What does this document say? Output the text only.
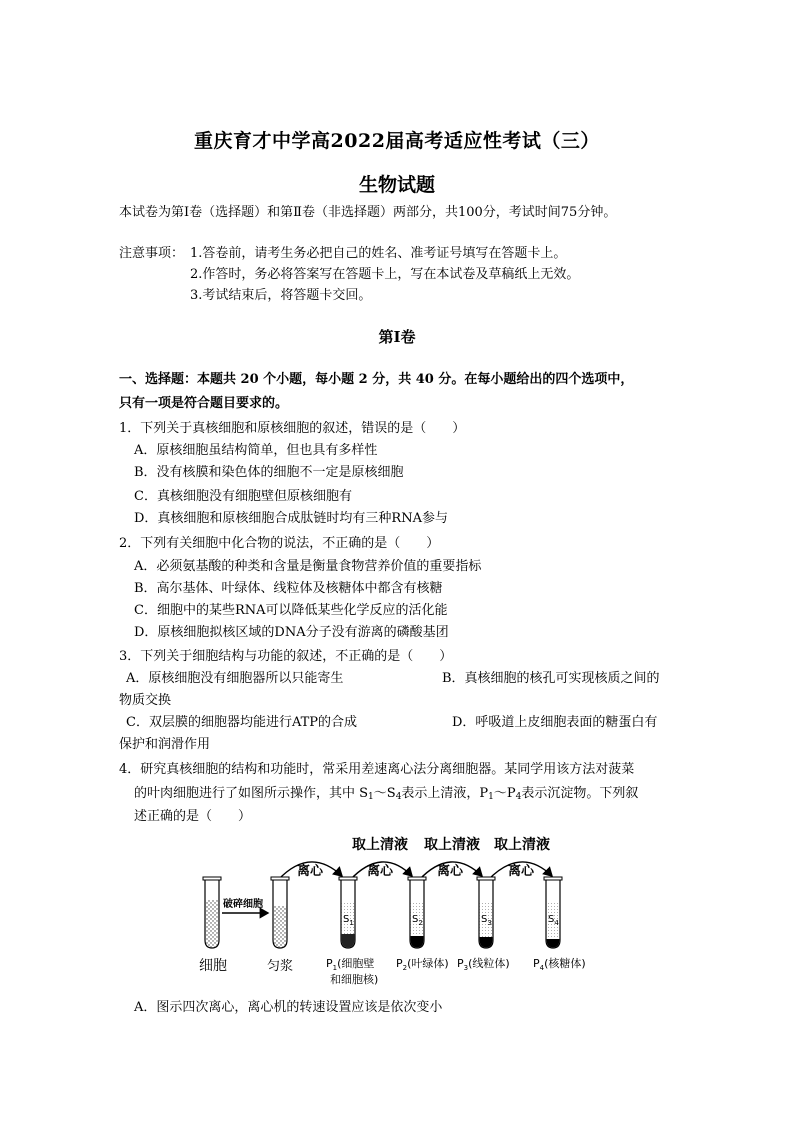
重庆育才中学高2022届高考适应性考试（三）
生物试题
本试卷为第Ⅰ卷（选择题）和第Ⅱ卷（非选择题）两部分，共100分，考试时间75分钟。
注意事项： 1.答卷前，请考生务必把自己的姓名、准考证号填写在答题卡上。
2.作答时，务必将答案写在答题卡上，写在本试卷及草稿纸上无效。
3.考试结束后，将答题卡交回。
第Ⅰ卷
一、选择题：本题共 20 个小题，每小题 2 分，共 40 分。在每小题给出的四个选项中，
只有一项是符合题目要求的。
1．下列关于真核细胞和原核细胞的叙述，错误的是（　　）
A．原核细胞虽结构简单，但也具有多样性
B．没有核膜和染色体的细胞不一定是原核细胞
C．真核细胞没有细胞壁但原核细胞有
D．真核细胞和原核细胞合成肽链时均有三种RNA参与
2．下列有关细胞中化合物的说法，不正确的是（　　）
A．必须氨基酸的种类和含量是衡量食物营养价值的重要指标
B．高尔基体、叶绿体、线粒体及核糖体中都含有核糖
C．细胞中的某些RNA可以降低某些化学反应的活化能
D．原核细胞拟核区域的DNA分子没有游离的磷酸基团
3．下列关于细胞结构与功能的叙述，不正确的是（　　）
A．原核细胞没有细胞器所以只能寄生	B．真核细胞的核孔可实现核质之间的
物质交换
C．双层膜的细胞器均能进行ATP的合成	D．呼吸道上皮细胞表面的糖蛋白有
保护和润滑作用
4．研究真核细胞的结构和功能时，常采用差速离心法分离细胞器。某同学用该方法对菠菜
的叶肉细胞进行了如图所示操作，其中 $S_1\sim S_4$表示上清液，$P_1\sim P_4$表示沉淀物。下列叙
述正确的是（　　）
取上清液 取上清液 取上清液
离心	离心	离心	离心
破碎细胞
$S_1$	$S_2$	$S_3$	$S_4$
细胞	匀浆	$P_1$(细胞壁
和细胞核)
$P_2$(叶绿体) $P_3$(线粒体) $P_4$(核糖体)
A．图示四次离心，离心机的转速设置应该是依次变小
